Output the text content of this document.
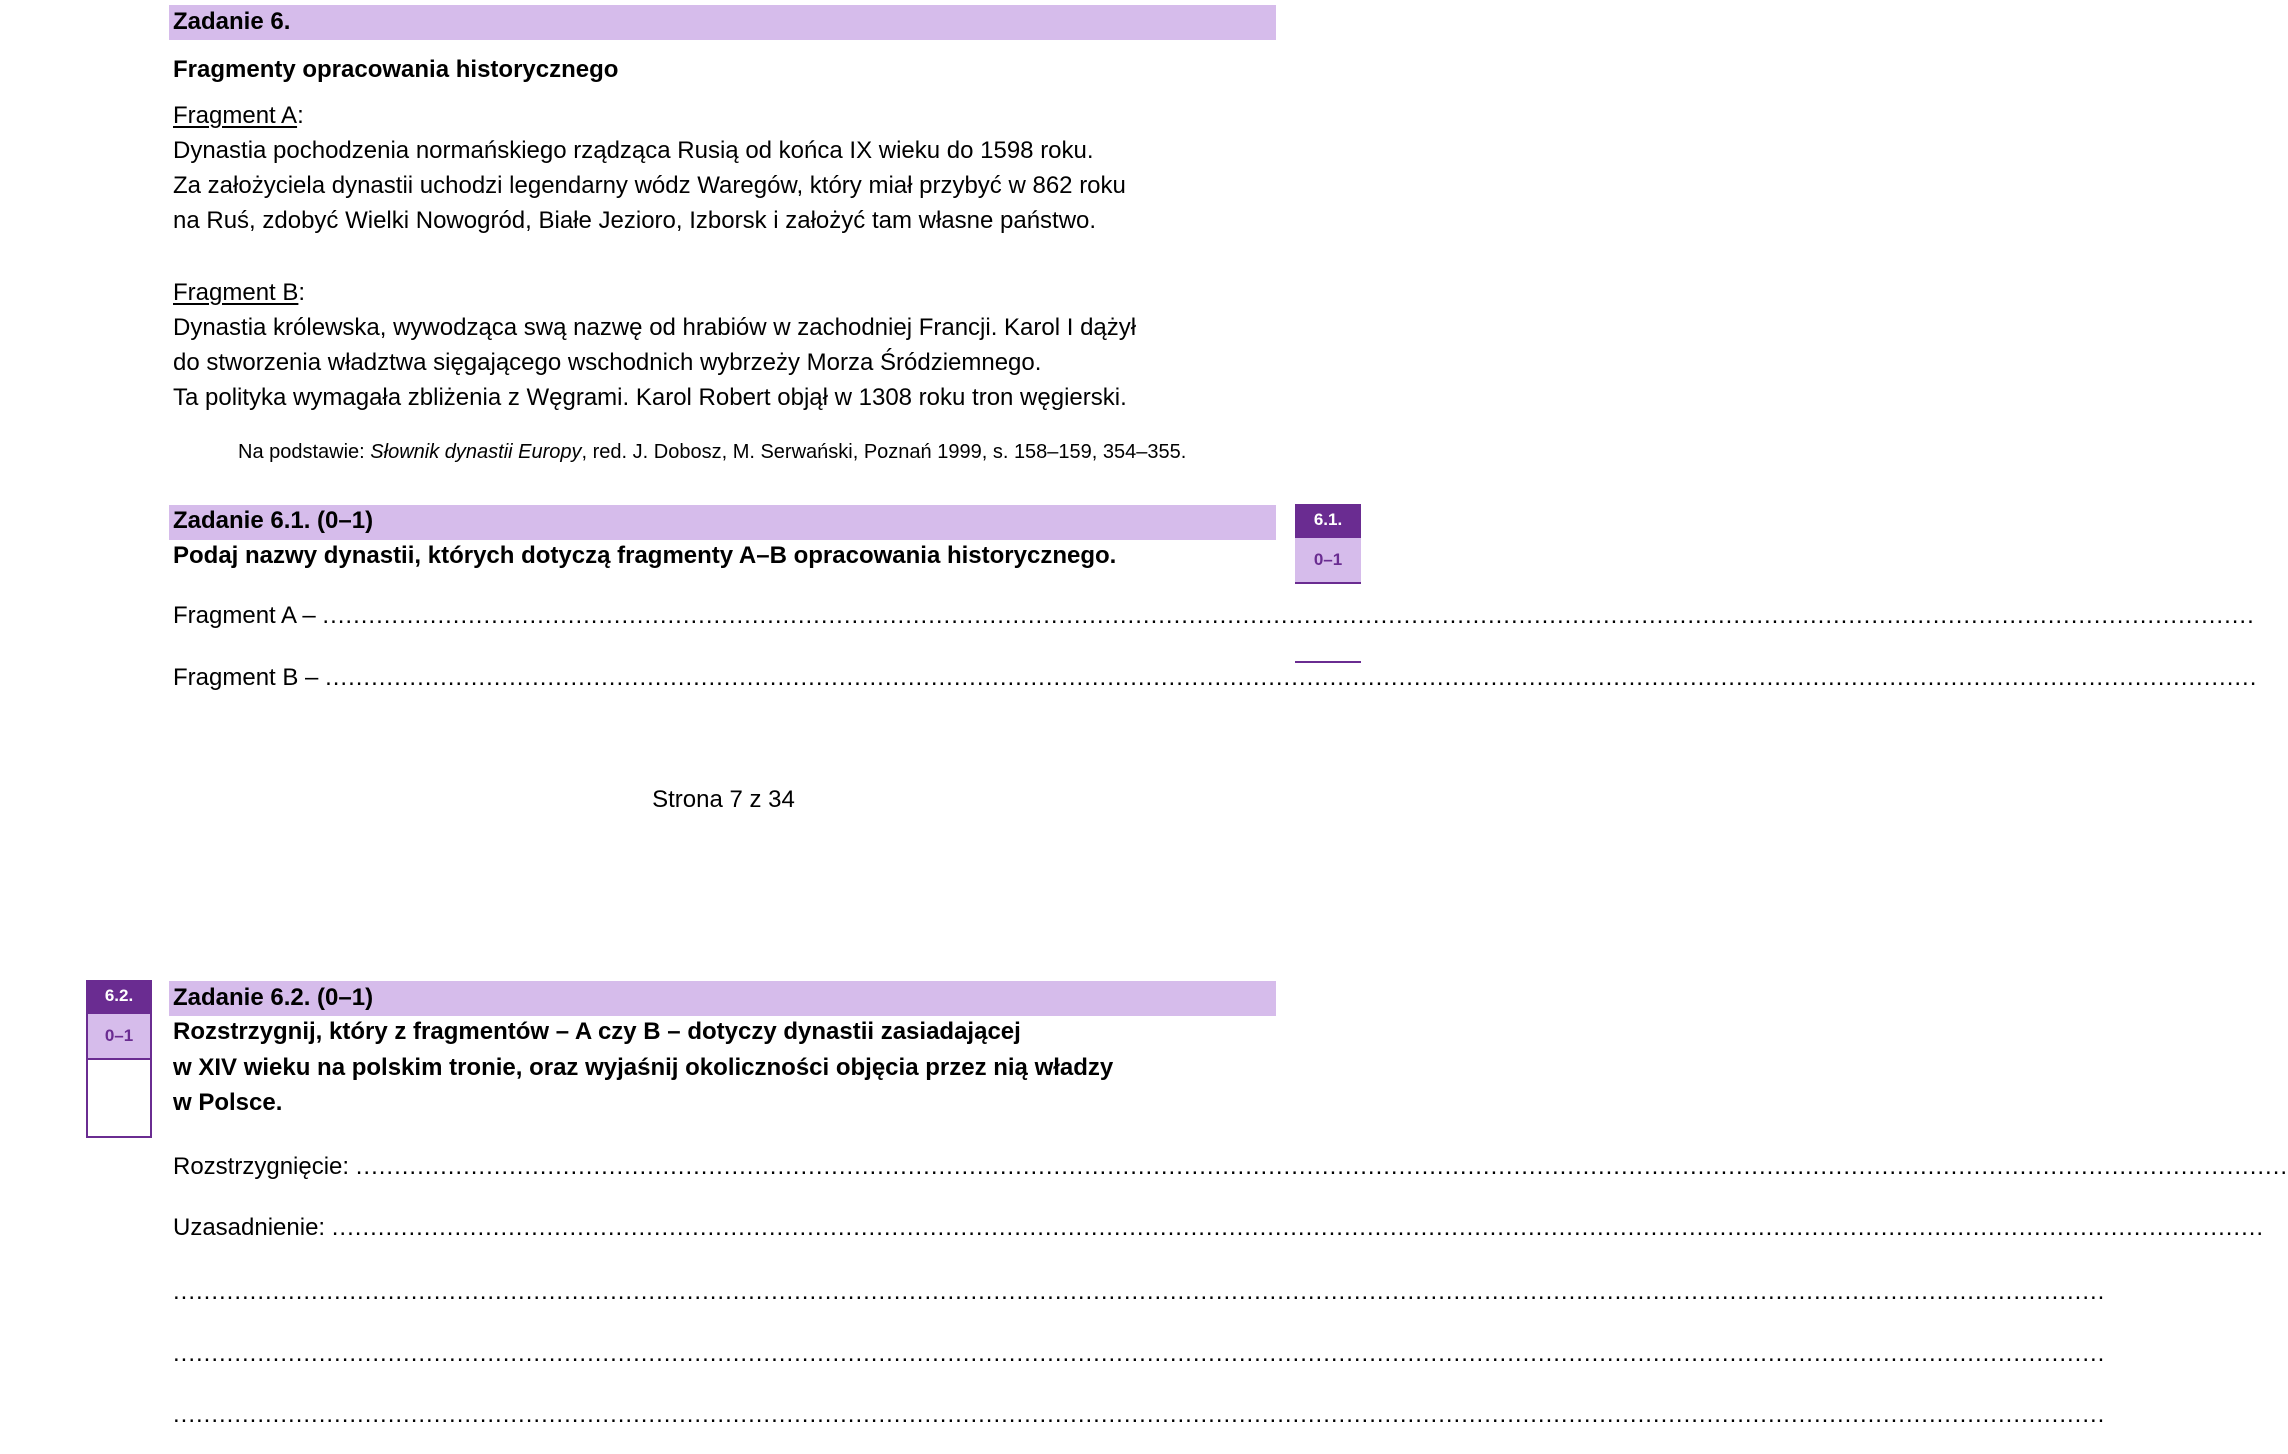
Zadanie 6.
Fragmenty opracowania historycznego
Fragment A:
Dynastia pochodzenia normańskiego rządząca Rusią od końca IX wieku do 1598 roku.
Za założyciela dynastii uchodzi legendarny wódz Waregów, który miał przybyć w 862 roku
na Ruś, zdobyć Wielki Nowogród, Białe Jezioro, Izborsk i założyć tam własne państwo.
Fragment B:
Dynastia królewska, wywodząca swą nazwę od hrabiów w zachodniej Francji. Karol I dążył
do stworzenia władztwa sięgającego wschodnich wybrzeży Morza Śródziemnego.
Ta polityka wymagała zbliżenia z Węgrami. Karol Robert objął w 1308 roku tron węgierski.
Na podstawie: Słownik dynastii Europy, red. J. Dobosz, M. Serwański, Poznań 1999, s. 158–159, 354–355.
Zadanie 6.1. (0–1)
Podaj nazwy dynastii, których dotyczą fragmenty A–B opracowania historycznego.
Fragment A – ............................................................................................................................................................................................................................................................
Fragment B – ............................................................................................................................................................................................................................................................
6.1.
0–1
Strona 7 z 34
6.2.
0–1
Zadanie 6.2. (0–1)
Rozstrzygnij, który z fragmentów – A czy B – dotyczy dynastii zasiadającej
w XIV wieku na polskim tronie, oraz wyjaśnij okoliczności objęcia przez nią władzy
w Polsce.
Rozstrzygnięcie: ............................................................................................................................................................................................................................................................
Uzasadnienie: ............................................................................................................................................................................................................................................................
............................................................................................................................................................................................................................................................
............................................................................................................................................................................................................................................................
............................................................................................................................................................................................................................................................
